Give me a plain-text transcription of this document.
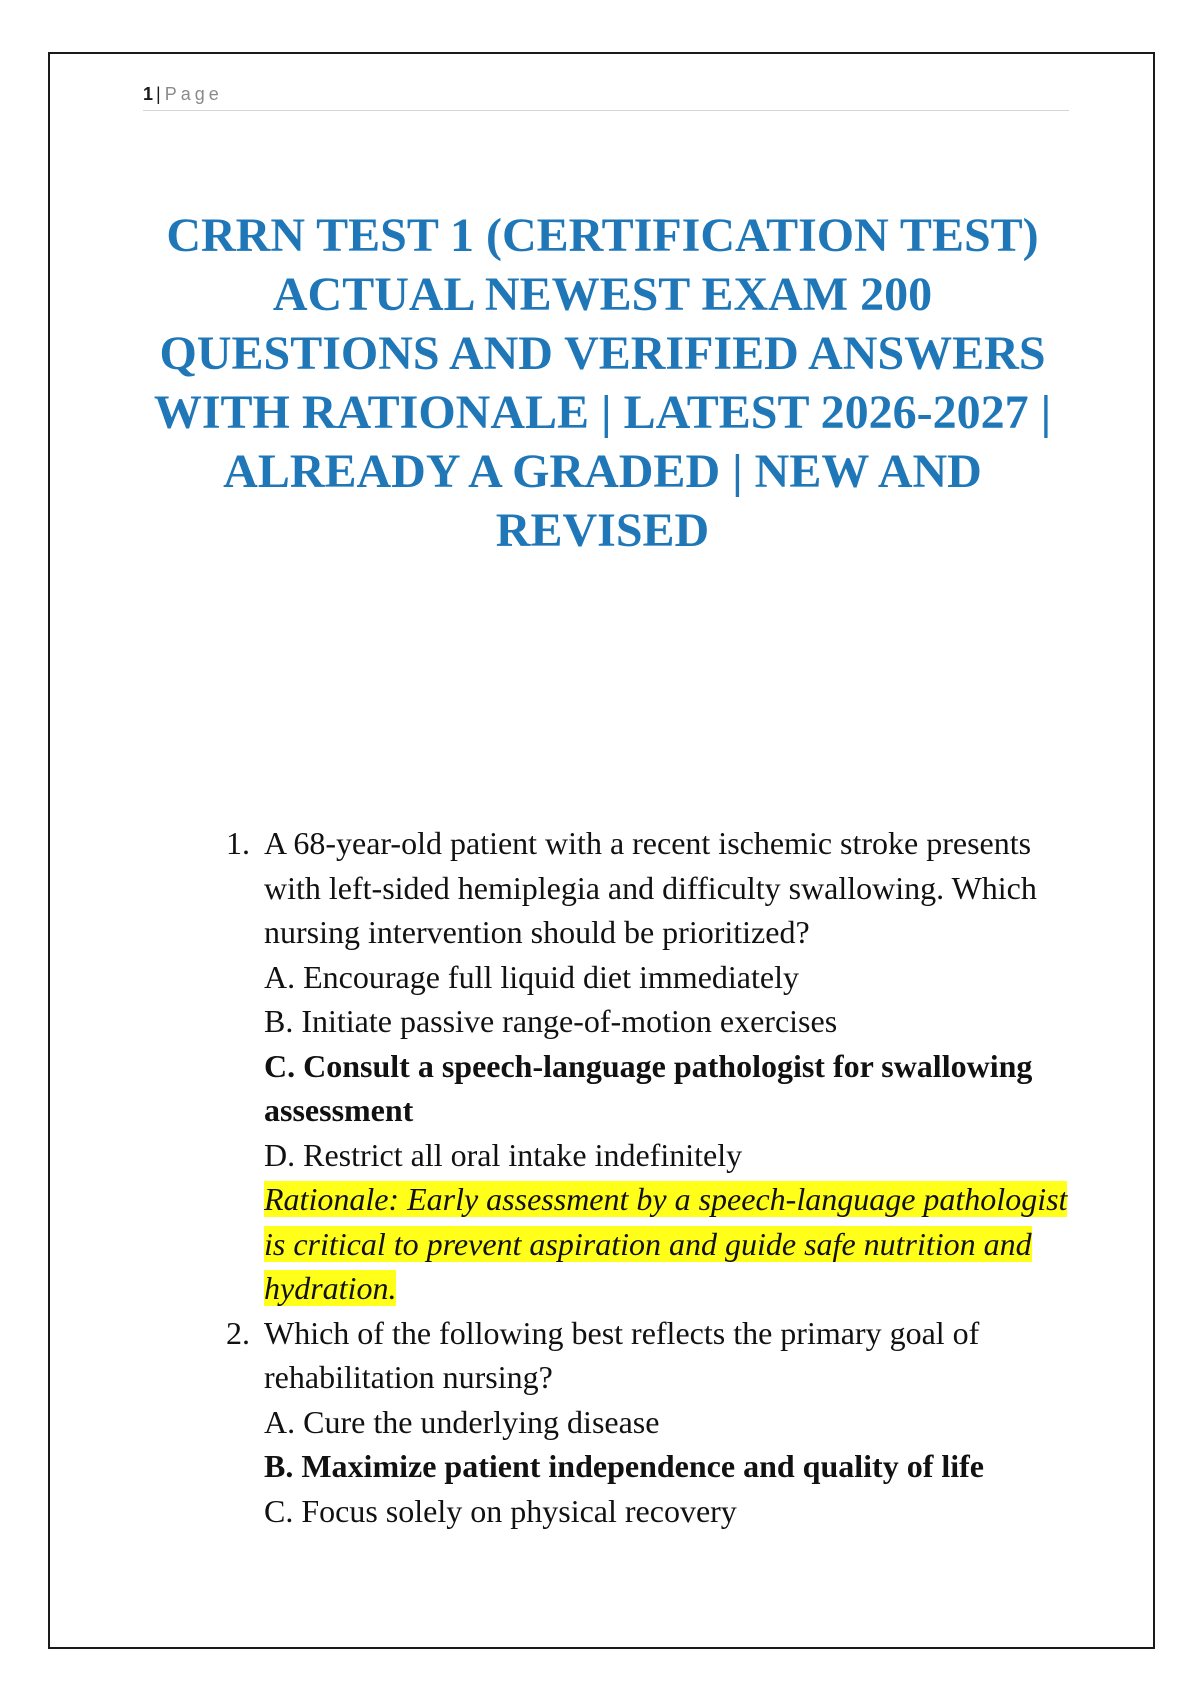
1 | Page
CRRN TEST 1 (CERTIFICATION TEST)
ACTUAL NEWEST EXAM 200
QUESTIONS AND VERIFIED ANSWERS
WITH RATIONALE | LATEST 2026-2027 |
ALREADY A GRADED | NEW AND
REVISED
1. A 68-year-old patient with a recent ischemic stroke presents with left-sided hemiplegia and difficulty swallowing. Which nursing intervention should be prioritized?
A. Encourage full liquid diet immediately
B. Initiate passive range-of-motion exercises
C. Consult a speech-language pathologist for swallowing assessment
D. Restrict all oral intake indefinitely
Rationale: Early assessment by a speech-language pathologist is critical to prevent aspiration and guide safe nutrition and hydration.
2. Which of the following best reflects the primary goal of rehabilitation nursing?
A. Cure the underlying disease
B. Maximize patient independence and quality of life
C. Focus solely on physical recovery
